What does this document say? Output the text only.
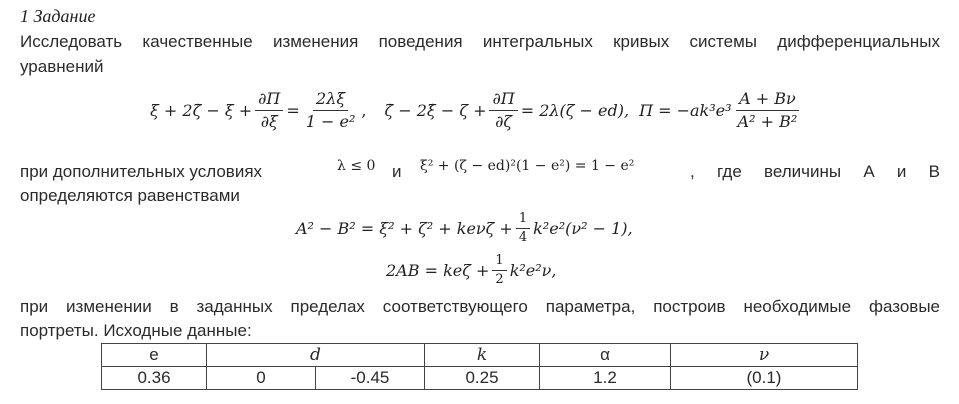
1 Задание
Исследовать качественные изменения поведения интегральных кривых системы дифференциальных
уравнений
ξ + 2ζ̇ − $\xi + \frac{\partial П}{\partial\xi} = \frac{2\lambda\xi}{\text{1 − e²}}$ , ζ̇ − 2ξ̇ − $\zeta + \frac{\partial П}{\partial\zeta} = 2\lambda(\zeta - ed)$, $П = -ak^3e^3 \frac{A + B\nu}{\text{A² + B²}}$
при дополнительных условиях	λ ≤ 0 и	ξ² + (ζ − ed)²(1 − e²) = 1 − e²	, где величины А и В
определяются равенствами
$A^2 - B^2 = \xi^2 + \zeta^2 + ke\nu\zeta + \frac{1}{4} k^2e^2(\nu^2 - 1)$,
$2AB = ke\zeta + \frac{1}{2} k^2e^2\nu$,
при изменении в заданных пределах соответствующего параметра, построив необходимые фазовые
портреты. Исходные данные:
e	d		k	α	ν
0.36	0	-0.45	0.25	1.2	(0.1)
